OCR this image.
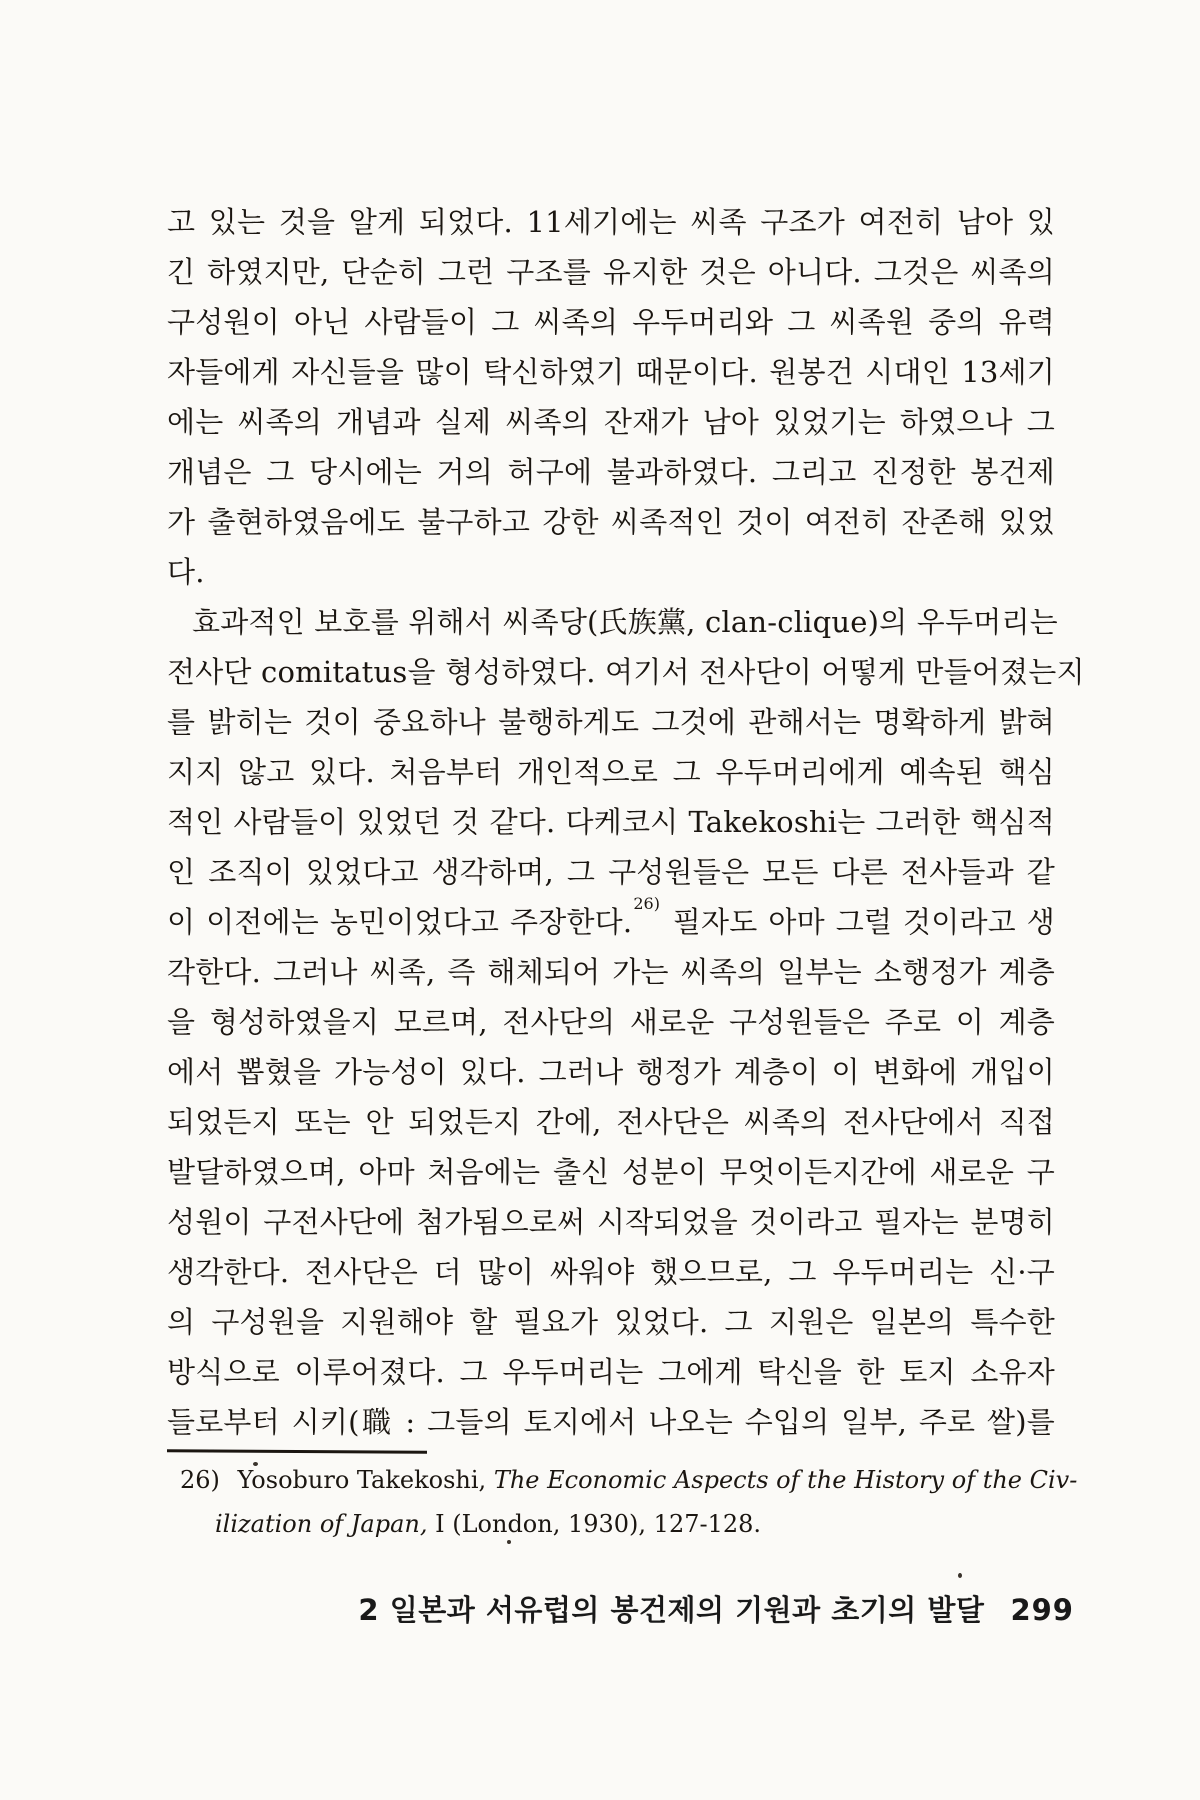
고 있는 것을 알게 되었다. 11세기에는 씨족 구조가 여전히 남아 있
긴 하였지만, 단순히 그런 구조를 유지한 것은 아니다. 그것은 씨족의
구성원이 아닌 사람들이 그 씨족의 우두머리와 그 씨족원 중의 유력
자들에게 자신들을 많이 탁신하였기 때문이다. 원봉건 시대인 13세기
에는 씨족의 개념과 실제 씨족의 잔재가 남아 있었기는 하였으나 그
개념은 그 당시에는 거의 허구에 불과하였다. 그리고 진정한 봉건제
가 출현하였음에도 불구하고 강한 씨족적인 것이 여전히 잔존해 있었
다.
효과적인 보호를 위해서 씨족당(氏族黨, clan-clique)의 우두머리는
전사단 comitatus을 형성하였다. 여기서 전사단이 어떻게 만들어졌는지
를 밝히는 것이 중요하나 불행하게도 그것에 관해서는 명확하게 밝혀
지지 않고 있다. 처음부터 개인적으로 그 우두머리에게 예속된 핵심
적인 사람들이 있었던 것 같다. 다케코시 Takekoshi는 그러한 핵심적
인 조직이 있었다고 생각하며, 그 구성원들은 모든 다른 전사들과 같
이 이전에는 농민이었다고 주장한다.$^{26)}$ 필자도 아마 그럴 것이라고 생
각한다. 그러나 씨족, 즉 해체되어 가는 씨족의 일부는 소행정가 계층
을 형성하였을지 모르며, 전사단의 새로운 구성원들은 주로 이 계층
에서 뽑혔을 가능성이 있다. 그러나 행정가 계층이 이 변화에 개입이
되었든지 또는 안 되었든지 간에, 전사단은 씨족의 전사단에서 직접
발달하였으며, 아마 처음에는 출신 성분이 무엇이든지간에 새로운 구
성원이 구전사단에 첨가됨으로써 시작되었을 것이라고 필자는 분명히
생각한다. 전사단은 더 많이 싸워야 했으므로, 그 우두머리는 신·구
의 구성원을 지원해야 할 필요가 있었다. 그 지원은 일본의 특수한
방식으로 이루어졌다. 그 우두머리는 그에게 탁신을 한 토지 소유자
들로부터 시키(職 : 그들의 토지에서 나오는 수입의 일부, 주로 쌀)를
26) Yosoburo Takekoshi, The Economic Aspects of the History of the Civ-
ilization of Japan, I (London, 1930), 127-128.
2 일본과 서유럽의 봉건제의 기원과 초기의 발달 299
